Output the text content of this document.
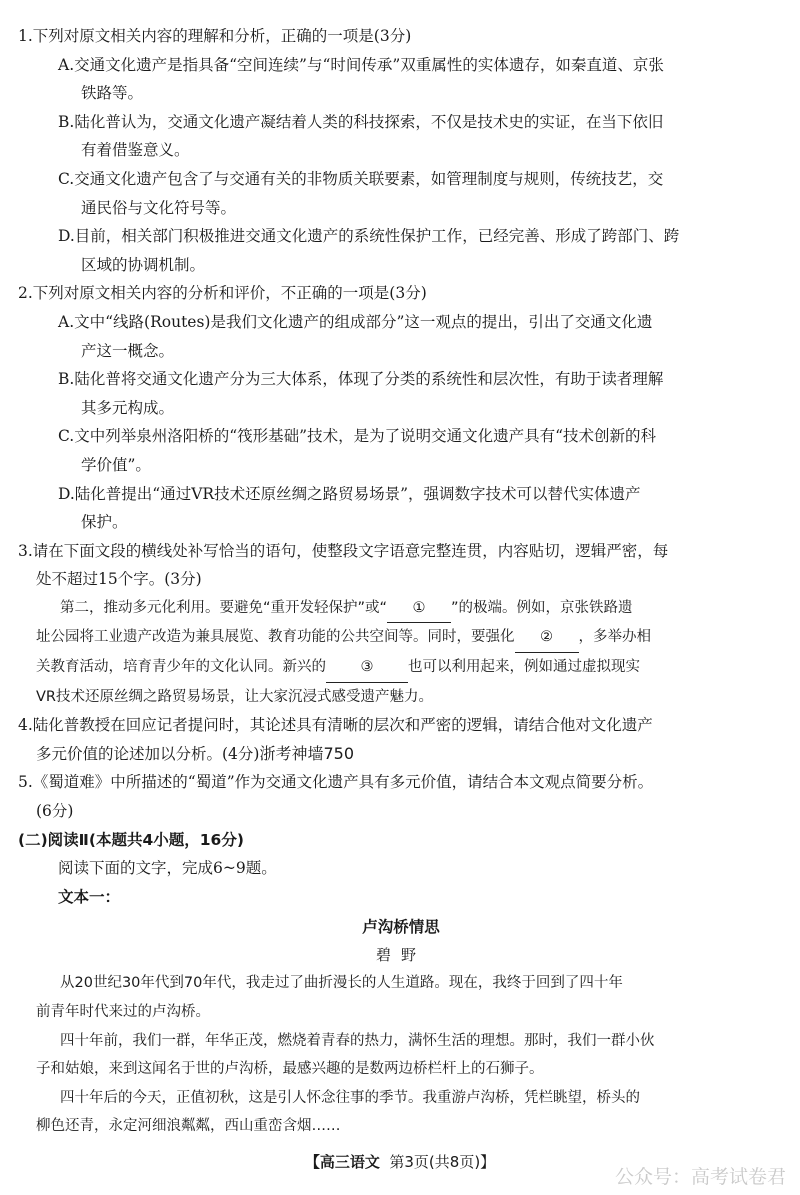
1.下列对原文相关内容的理解和分析，正确的一项是(3分)
A.交通文化遗产是指具备“空间连续”与“时间传承”双重属性的实体遗存，如秦直道、京张
铁路等。
B.陆化普认为，交通文化遗产凝结着人类的科技探索，不仅是技术史的实证，在当下依旧
有着借鉴意义。
C.交通文化遗产包含了与交通有关的非物质关联要素，如管理制度与规则，传统技艺，交
通民俗与文化符号等。
D.目前，相关部门积极推进交通文化遗产的系统性保护工作，已经完善、形成了跨部门、跨
区域的协调机制。
2.下列对原文相关内容的分析和评价，不正确的一项是(3分)
A.文中“线路(Routes)是我们文化遗产的组成部分”这一观点的提出，引出了交通文化遗
产这一概念。
B.陆化普将交通文化遗产分为三大体系，体现了分类的系统性和层次性，有助于读者理解
其多元构成。
C.文中列举泉州洛阳桥的“筏形基础”技术，是为了说明交通文化遗产具有“技术创新的科
学价值”。
D.陆化普提出“通过VR技术还原丝绸之路贸易场景”，强调数字技术可以替代实体遗产
保护。
3.请在下面文段的横线处补写恰当的语句，使整段文字语意完整连贯，内容贴切，逻辑严密，每
处不超过15个字。(3分)
第二，推动多元化利用。要避免“重开发轻保护”或“ ① ”的极端。例如，京张铁路遗
址公园将工业遗产改造为兼具展览、教育功能的公共空间等。同时，要强化 ② ，多举办相
关教育活动，培育青少年的文化认同。新兴的 ③ 也可以利用起来，例如通过虚拟现实
VR技术还原丝绸之路贸易场景，让大家沉浸式感受遗产魅力。
4.陆化普教授在回应记者提问时，其论述具有清晰的层次和严密的逻辑，请结合他对文化遗产
多元价值的论述加以分析。(4分)浙考神墙750
5.《蜀道难》中所描述的“蜀道”作为交通文化遗产具有多元价值，请结合本文观点简要分析。
(6分)
(二)阅读Ⅱ(本题共4小题，16分)
阅读下面的文字，完成6~9题。
文本一：
卢沟桥情思
碧野
从20世纪30年代到70年代，我走过了曲折漫长的人生道路。现在，我终于回到了四十年
前青年时代来过的卢沟桥。
四十年前，我们一群，年华正茂，燃烧着青春的热力，满怀生活的理想。那时，我们一群小伙
子和姑娘，来到这闻名于世的卢沟桥，最感兴趣的是数两边桥栏杆上的石狮子。
四十年后的今天，正值初秋，这是引人怀念往事的季节。我重游卢沟桥，凭栏眺望，桥头的
柳色还青，永定河细浪粼粼，西山重峦含烟……
【高三语文 第3页(共8页)】
公众号：高考试卷君
